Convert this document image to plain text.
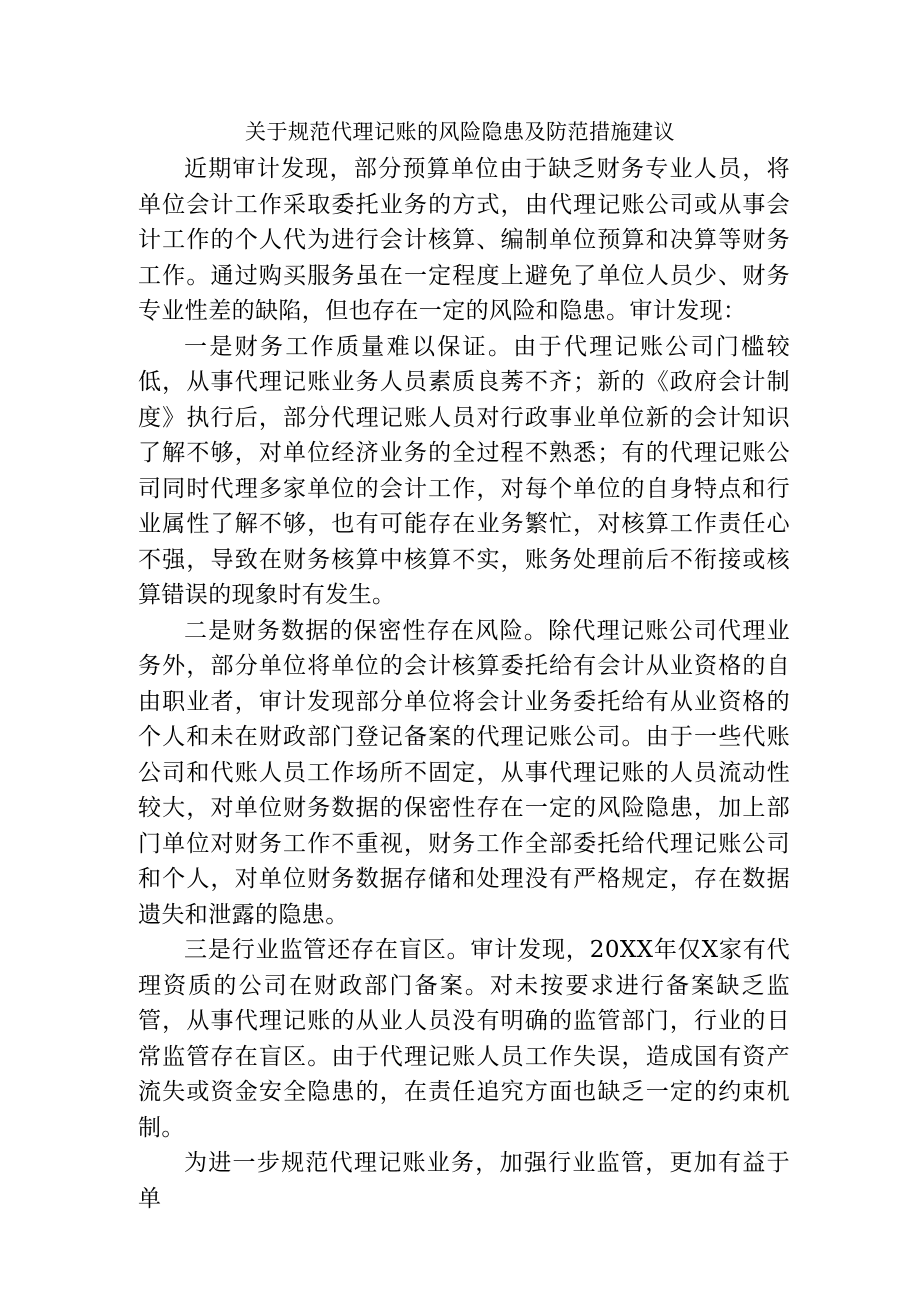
关于规范代理记账的风险隐患及防范措施建议

近期审计发现，部分预算单位由于缺乏财务专业人员，将单位会计工作采取委托业务的方式，由代理记账公司或从事会计工作的个人代为进行会计核算、编制单位预算和决算等财务工作。通过购买服务虽在一定程度上避免了单位人员少、财务专业性差的缺陷，但也存在一定的风险和隐患。审计发现：

一是财务工作质量难以保证。由于代理记账公司门槛较低，从事代理记账业务人员素质良莠不齐；新的《政府会计制度》执行后，部分代理记账人员对行政事业单位新的会计知识了解不够，对单位经济业务的全过程不熟悉；有的代理记账公司同时代理多家单位的会计工作，对每个单位的自身特点和行业属性了解不够，也有可能存在业务繁忙，对核算工作责任心不强，导致在财务核算中核算不实，账务处理前后不衔接或核算错误的现象时有发生。

二是财务数据的保密性存在风险。除代理记账公司代理业务外，部分单位将单位的会计核算委托给有会计从业资格的自由职业者，审计发现部分单位将会计业务委托给有从业资格的个人和未在财政部门登记备案的代理记账公司。由于一些代账公司和代账人员工作场所不固定，从事代理记账的人员流动性较大，对单位财务数据的保密性存在一定的风险隐患，加上部门单位对财务工作不重视，财务工作全部委托给代理记账公司和个人，对单位财务数据存储和处理没有严格规定，存在数据遗失和泄露的隐患。

三是行业监管还存在盲区。审计发现，20XX年仅X家有代理资质的公司在财政部门备案。对未按要求进行备案缺乏监管，从事代理记账的从业人员没有明确的监管部门，行业的日常监管存在盲区。由于代理记账人员工作失误，造成国有资产流失或资金安全隐患的，在责任追究方面也缺乏一定的约束机制。

为进一步规范代理记账业务，加强行业监管，更加有益于单
